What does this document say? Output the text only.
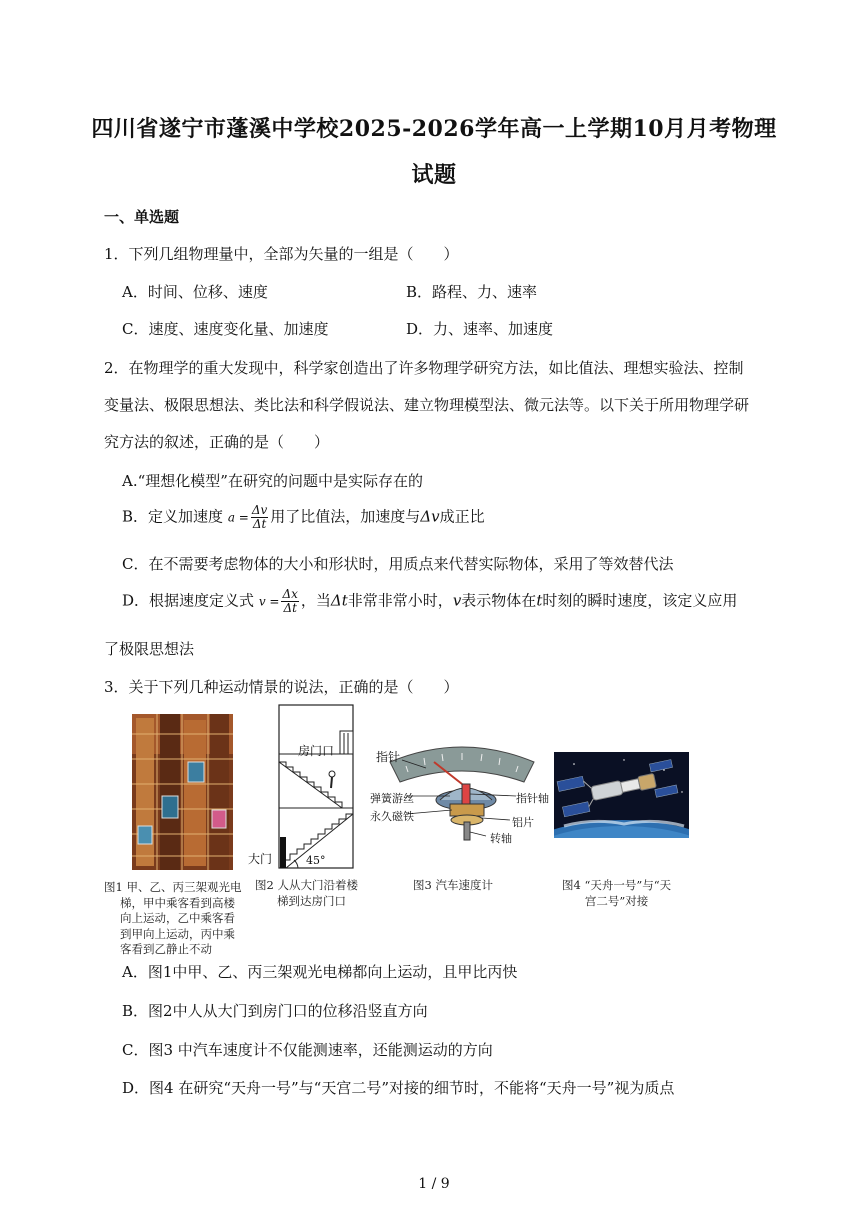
四川省遂宁市蓬溪中学校2025-2026学年高一上学期10月月考物理
试题
一、单选题
1．下列几组物理量中，全部为矢量的一组是（　　）
A．时间、位移、速度	B．路程、力、速率
C．速度、速度变化量、加速度	D．力、速率、加速度
2．在物理学的重大发现中，科学家创造出了许多物理学研究方法，如比值法、理想实验法、控制
变量法、极限思想法、类比法和科学假说法、建立物理模型法、微元法等。以下关于所用物理学研
究方法的叙述，正确的是（　　）
A.“理想化模型”在研究的问题中是实际存在的
B．定义加速度 $a = \frac{\Delta v}{\Delta t}$ 用了比值法，加速度与Δv成正比
C．在不需要考虑物体的大小和形状时，用质点来代替实际物体，采用了等效替代法
D．根据速度定义式 $v = \frac{\Delta x}{\Delta t}$ ，当Δt非常非常小时，v表示物体在t时刻的瞬时速度，该定义应用
了极限思想法
3．关于下列几种运动情景的说法，正确的是（　　）
图1 甲、乙、丙三架观光电
梯，甲中乘客看到高楼
向上运动，乙中乘客看
到甲向上运动，丙中乘
客看到乙静止不动
房门口
大门	45°
图2 人从大门沿着楼
梯到达房门口
指针
弹簧游丝
永久磁铁
指针轴
铝片
转轴
图3 汽车速度计	图4 “天舟一号”与“天
宫二号”对接
A．图1中甲、乙、丙三架观光电梯都向上运动，且甲比丙快
B．图2中人从大门到房门口的位移沿竖直方向
C．图3 中汽车速度计不仅能测速率，还能测运动的方向
D．图4 在研究“天舟一号”与“天宫二号”对接的细节时，不能将“天舟一号”视为质点
1 / 9
